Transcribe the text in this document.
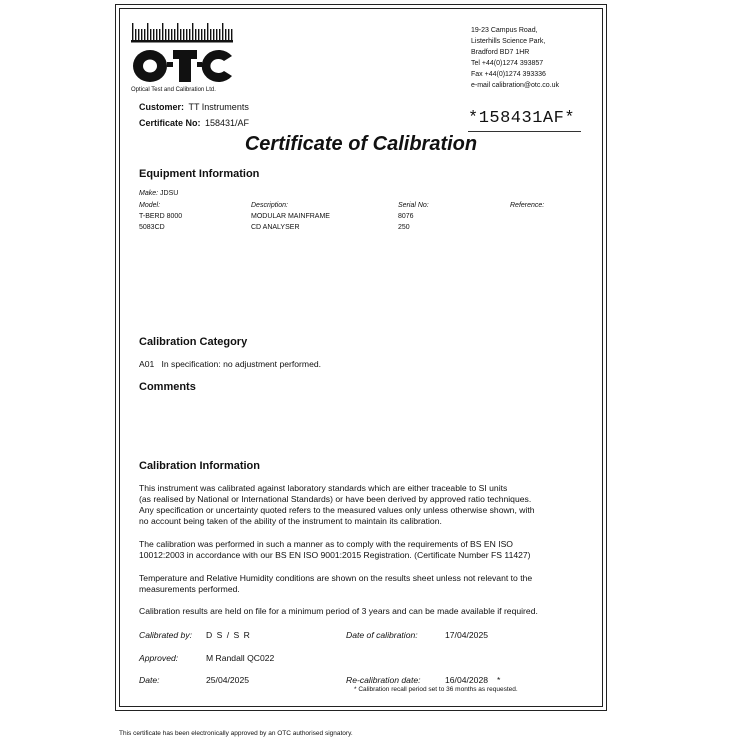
Optical Test and Calibration Ltd.
19-23 Campus Road,
Listerhills Science Park,
Bradford BD7 1HR
Tel +44(0)1274 393857
Fax +44(0)1274 393336
e-mail calibration@otc.co.uk
Customer: TT Instruments
Certificate No: 158431/AF	*158431AF*
Certificate of Calibration
Equipment Information
Make: JDSU
Model:	Description:	Serial No:	Reference:
T-BERD 8000	MODULAR MAINFRAME	8076
5083CD	CD ANALYSER	250
Calibration Category
A01 In specification: no adjustment performed.
Comments
Calibration Information
This instrument was calibrated against laboratory standards which are either traceable to SI units
(as realised by National or International Standards) or have been derived by approved ratio techniques.
Any specification or uncertainty quoted refers to the measured values only unless otherwise shown, with
no account being taken of the ability of the instrument to maintain its calibration.
The calibration was performed in such a manner as to comply with the requirements of BS EN ISO
10012:2003 in accordance with our BS EN ISO 9001:2015 Registration. (Certificate Number FS 11427)
Temperature and Relative Humidity conditions are shown on the results sheet unless not relevant to the
measurements performed.
Calibration results are held on file for a minimum period of 3 years and can be made available if required.
Calibrated by: D S / S R	Date of calibration:	17/04/2025
Approved:	M Randall QC022
Date:	25/04/2025	Re-calibration date:	16/04/2028 *
* Calibration recall period set to 36 months as requested.
This certificate has been electronically approved by an OTC authorised signatory.
